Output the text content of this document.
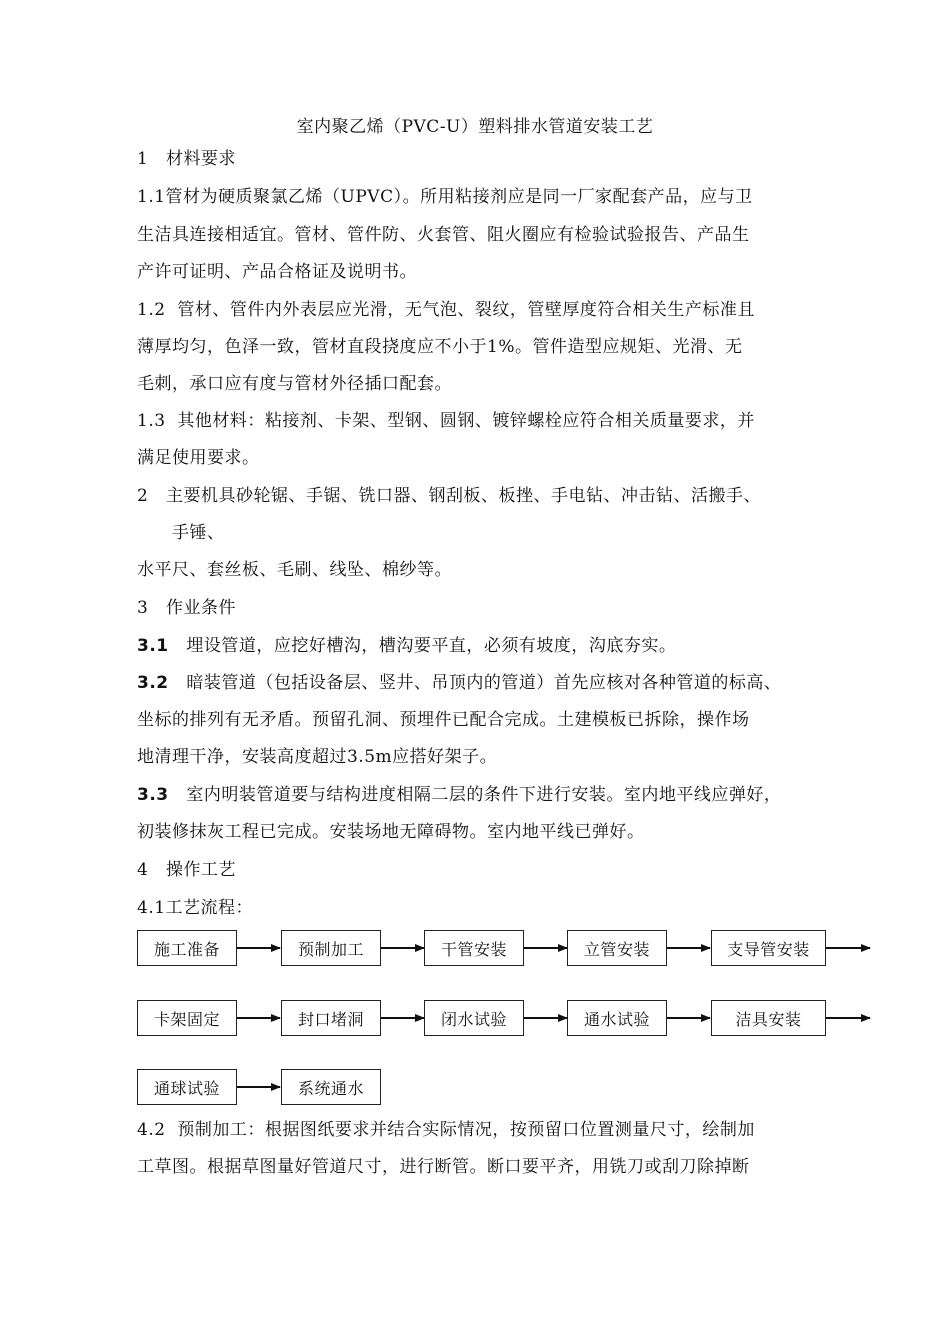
室内聚乙烯（PVC-U）塑料排水管道安装工艺
1   材料要求
1.1管材为硬质聚氯乙烯（UPVC）。所用粘接剂应是同一厂家配套产品，应与卫
生洁具连接相适宜。管材、管件防、火套管、阻火圈应有检验试验报告、产品生
产许可证明、产品合格证及说明书。
1.2  管材、管件内外表层应光滑，无气泡、裂纹，管壁厚度符合相关生产标准且
薄厚均匀，色泽一致，管材直段挠度应不小于1%。管件造型应规矩、光滑、无
毛刺，承口应有度与管材外径插口配套。
1.3  其他材料：粘接剂、卡架、型钢、圆钢、镀锌螺栓应符合相关质量要求，并
满足使用要求。
2   主要机具砂轮锯、手锯、铣口器、钢刮板、板挫、手电钻、冲击钻、活搬手、
手锤、
水平尺、套丝板、毛刷、线坠、棉纱等。
3   作业条件
3.1 埋设管道，应挖好槽沟，槽沟要平直，必须有坡度，沟底夯实。
3.2 暗装管道（包括设备层、竖井、吊顶内的管道）首先应核对各种管道的标高、
坐标的排列有无矛盾。预留孔洞、预埋件已配合完成。土建模板已拆除，操作场
地清理干净，安装高度超过3.5m应搭好架子。
3.3 室内明装管道要与结构进度相隔二层的条件下进行安装。室内地平线应弹好，
初装修抹灰工程已完成。安装场地无障碍物。室内地平线已弹好。
4   操作工艺
4.1工艺流程：
施工准备	预制加工	干管安装	立管安装	支导管安装
卡架固定	封口堵洞	闭水试验	通水试验	洁具安装
通球试验	系统通水
4.2  预制加工：根据图纸要求并结合实际情况，按预留口位置测量尺寸，绘制加
工草图。根据草图量好管道尺寸，进行断管。断口要平齐，用铣刀或刮刀除掉断
